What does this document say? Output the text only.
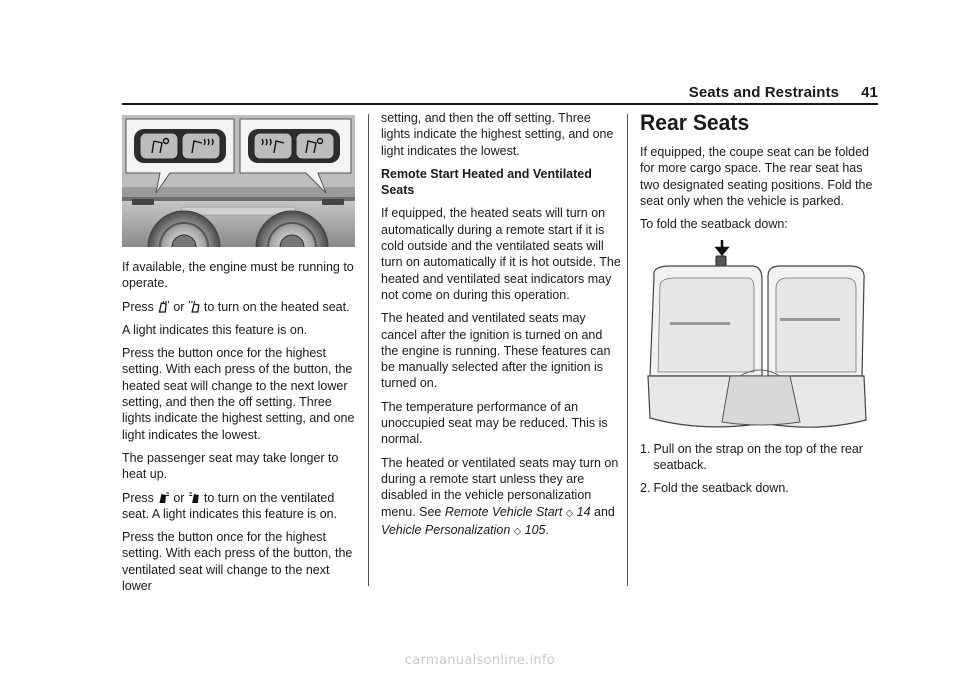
Seats and Restraints 41

If available, the engine must be running to operate.

Press  or  to turn on the heated seat.

A light indicates this feature is on.

Press the button once for the highest setting. With each press of the button, the heated seat will change to the next lower setting, and then the off setting. Three lights indicate the highest setting, and one light indicates the lowest.

The passenger seat may take longer to heat up.

Press  or  to turn on the ventilated seat. A light indicates this feature is on.

Press the button once for the highest setting. With each press of the button, the ventilated seat will change to the next lower

setting, and then the off setting. Three lights indicate the highest setting, and one light indicates the lowest.

Remote Start Heated and Ventilated Seats

If equipped, the heated seats will turn on automatically during a remote start if it is cold outside and the ventilated seats will turn on automatically if it is hot outside. The heated and ventilated seat indicators may not come on during this operation.

The heated and ventilated seats may cancel after the ignition is turned on and the engine is running. These features can be manually selected after the ignition is turned on.

The temperature performance of an unoccupied seat may be reduced. This is normal.

The heated or ventilated seats may turn on during a remote start unless they are disabled in the vehicle personalization menu. See Remote Vehicle Start ◇ 14 and
Vehicle Personalization ◇ 105.

Rear Seats

If equipped, the coupe seat can be folded for more cargo space. The rear seat has two designated seating positions. Fold the seat only when the vehicle is parked.

To fold the seatback down:

1. Pull on the strap on the top of the rear seatback.
2. Fold the seatback down.
carmanualsonline.info
